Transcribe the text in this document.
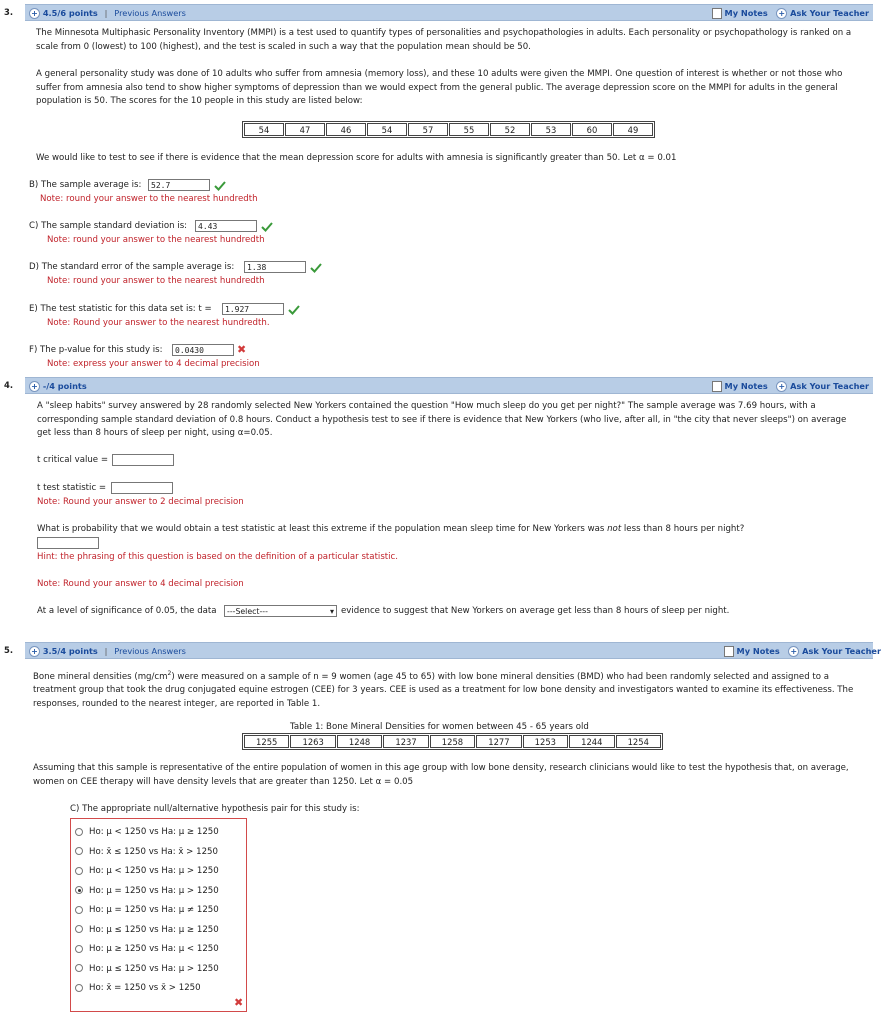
3. + 4.5/6 points | Previous Answers	My Notes + Ask Your Teacher
The Minnesota Multiphasic Personality Inventory (MMPI) is a test used to quantify types of personalities and psychopathologies in adults. Each personality or psychopathology is ranked on a scale from 0 (lowest) to 100 (highest), and the test is scaled in such a way that the population mean should be 50.
A general personality study was done of 10 adults who suffer from amnesia (memory loss), and these 10 adults were given the MMPI. One question of interest is whether or not those who suffer from amnesia also tend to show higher symptoms of depression than we would expect from the general public. The average depression score on the MMPI for adults in the general population is 50. The scores for the 10 people in this study are listed below:
54	47	46	54	57	55	52	53	60	49
We would like to test to see if there is evidence that the mean depression score for adults with amnesia is significantly greater than 50. Let α = 0.01
B) The sample average is:	52.7
Note: round your answer to the nearest hundredth
C) The sample standard deviation is:	4.43
Note: round your answer to the nearest hundredth
D) The standard error of the sample average is:	1.38
Note: round your answer to the nearest hundredth
E) The test statistic for this data set is: t =	1.927
Note: Round your answer to the nearest hundredth.
F) The p-value for this study is:	0.0430	✖
Note: express your answer to 4 decimal precision
4. + -/4 points	My Notes + Ask Your Teacher
A "sleep habits" survey answered by 28 randomly selected New Yorkers contained the question "How much sleep do you get per night?" The sample average was 7.69 hours, with a corresponding sample standard deviation of 0.8 hours. Conduct a hypothesis test to see if there is evidence that New Yorkers (who live, after all, in "the city that never sleeps") on average get less than 8 hours of sleep per night, using α=0.05.
t critical value =
t test statistic =
Note: Round your answer to 2 decimal precision
What is probability that we would obtain a test statistic at least this extreme if the population mean sleep time for New Yorkers was not less than 8 hours per night?
Hint: the phrasing of this question is based on the definition of a particular statistic.
Note: Round your answer to 4 decimal precision
At a level of significance of 0.05, the data	---Select---	▾ evidence to suggest that New Yorkers on average get less than 8 hours of sleep per night.
5. + 3.5/4 points | Previous Answers	My Notes + Ask Your Teacher
Bone mineral densities $(mg/cm^2)$ were measured on a sample of n = 9 women (age 45 to 65) with low bone mineral densities (BMD) who had been randomly selected and assigned to a treatment group that took the drug conjugated equine estrogen (CEE) for 3 years. CEE is used as a treatment for low bone density and investigators wanted to examine its effectiveness. The responses, rounded to the nearest integer, are reported in Table 1.
Table 1: Bone Mineral Densities for women between 45 - 65 years old
1255	1263	1248	1237	1258	1277	1253	1244	1254
Assuming that this sample is representative of the entire population of women in this age group with low bone density, research clinicians would like to test the hypothesis that, on average, women on CEE therapy will have density levels that are greater than 1250. Let α = 0.05
C) The appropriate null/alternative hypothesis pair for this study is:
Ho: μ < 1250 vs Ha: μ ≥ 1250
Ho: x̄ ≤ 1250 vs Ha: x̄ > 1250
Ho: μ < 1250 vs Ha: μ > 1250
Ho: μ = 1250 vs Ha: μ > 1250
Ho: μ = 1250 vs Ha: μ ≠ 1250
Ho: μ ≤ 1250 vs Ha: μ ≥ 1250
Ho: μ ≥ 1250 vs Ha: μ < 1250
Ho: μ ≤ 1250 vs Ha: μ > 1250
Ho: x̄ = 1250 vs x̄ > 1250
✖
